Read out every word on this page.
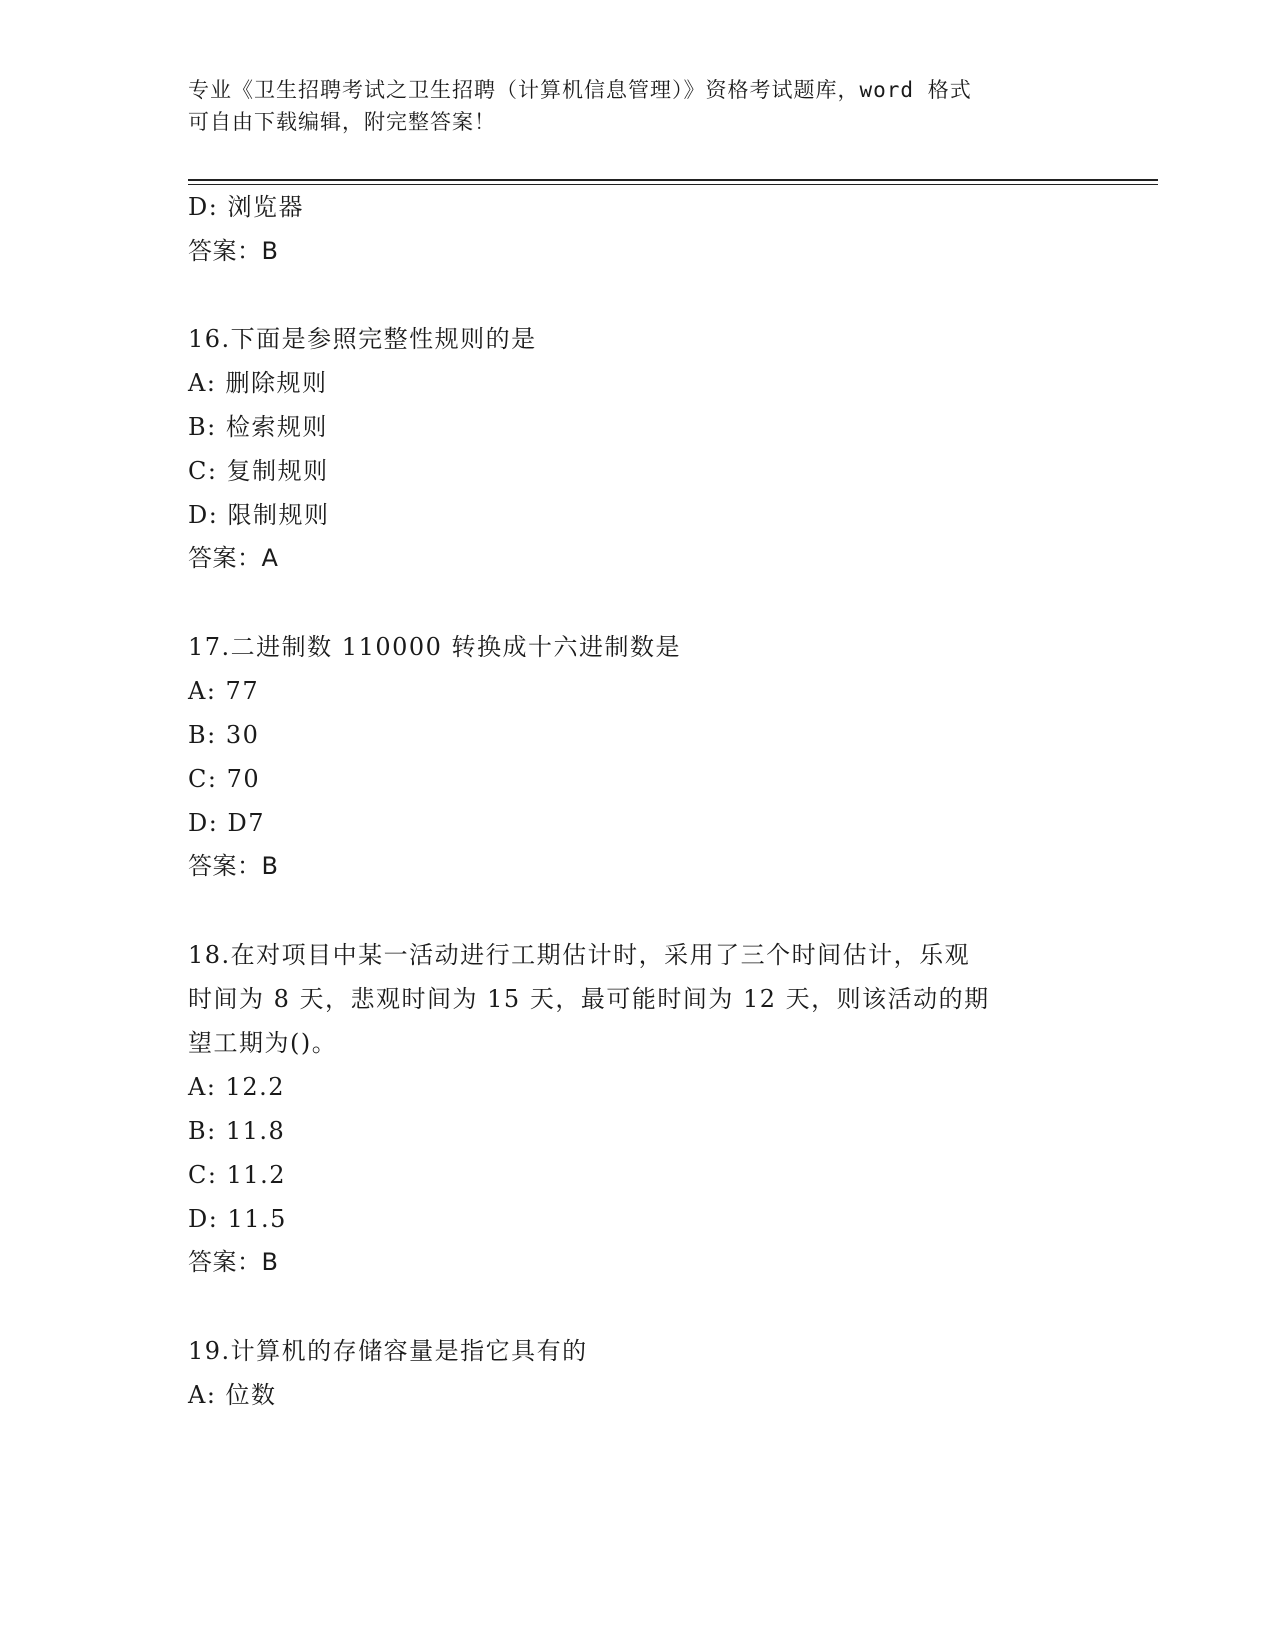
专业《卫生招聘考试之卫生招聘（计算机信息管理）》资格考试题库，word 格式
可自由下载编辑，附完整答案！
D: 浏览器
答案：B
16.下面是参照完整性规则的是
A: 删除规则
B: 检索规则
C: 复制规则
D: 限制规则
答案：A
17.二进制数 110000 转换成十六进制数是
A: 77
B: 30
C: 70
D: D7
答案：B
18.在对项目中某一活动进行工期估计时，采用了三个时间估计，乐观
时间为 8 天，悲观时间为 15 天，最可能时间为 12 天，则该活动的期
望工期为()。
A: 12.2
B: 11.8
C: 11.2
D: 11.5
答案：B
19.计算机的存储容量是指它具有的
A: 位数
